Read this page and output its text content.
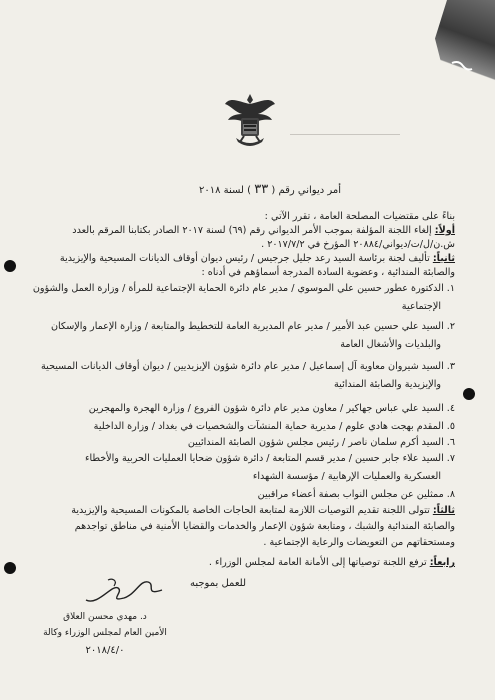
أمر ديواني رقم ( ٣٣ ) لسنة ٢٠١٨
بناءً على مقتضيات المصلحة العامة ، تقرر الآتي :
أولاً: إلغاء اللجنة المؤلفة بموجب الأمر الديواني رقم (٦٩) لسنة ٢٠١٧ الصادر بكتابنا المرقم بالعدد
ش.ن/ل/ت/ديواني/٢٠٨٨٤ المؤرخ في ٢٠١٧/٧/٢ .
ثانياً: تأليف لجنة برئاسة السيد رعد جليل جرجيس / رئيس ديوان أوقاف الديانات المسيحية والإيزيدية
والصابئة المندائية ، وعضوية السادة المدرجة أسماؤهم في أدناه :
١. الدكتورة عطور حسين علي الموسوي / مدير عام دائرة الحماية الإجتماعية للمرأة / وزارة العمل والشؤون
الإجتماعية
٢. السيد علي حسين عبد الأمير / مدير عام المديرية العامة للتخطيط والمتابعة / وزارة الإعمار والإسكان
والبلديات والأشغال العامة
٣. السيد شيروان معاوية آل إسماعيل / مدير عام دائرة شؤون الإيزيديين / ديوان أوقاف الديانات المسيحية
والإيزيدية والصابئة المندائية
٤. السيد علي عباس جهاكير / معاون مدير عام دائرة شؤون الفروع / وزارة الهجرة والمهجرين
٥. المقدم بهجت هادي علوم / مديرية حماية المنشآت والشخصيات في بغداد / وزارة الداخلية
٦. السيد أكرم سلمان ناصر / رئيس مجلس شؤون الصابئة المندائيين
٧. السيد علاء جابر حسين / مدير قسم المتابعة / دائرة شؤون ضحايا العمليات الحربية والأخطاء
العسكرية والعمليات الإرهابية / مؤسسة الشهداء
٨. ممثلين عن مجلس النواب بصفة أعضاء مراقبين
ثالثاً: تتولى اللجنة تقديم التوصيات اللازمة لمتابعة الحاجات الخاصة بالمكونات المسيحية والإيزيدية
والصابئة المندائية والشبك ، ومتابعة شؤون الإعمار والخدمات والقضايا الأمنية في مناطق تواجدهم
ومستحقاتهم من التعويضات والرعاية الإجتماعية .
رابعاً: ترفع اللجنة توصياتها إلى الأمانة العامة لمجلس الوزراء .
للعمل بموجبه
د. مهدي محسن العلاق
الأمين العام لمجلس الوزراء وكالة
٢٠١٨/٤/٠
